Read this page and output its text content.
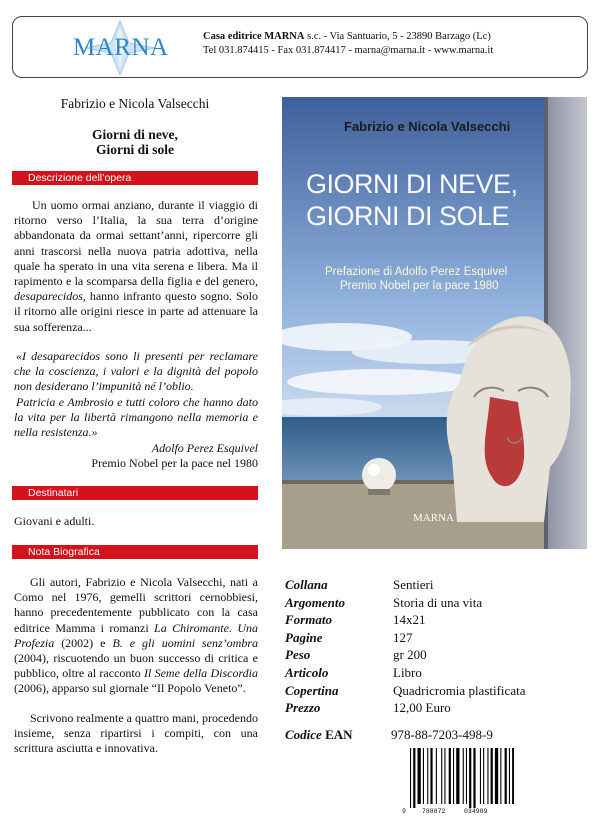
MARNA	Casa editrice MARNA s.c. - Via Santuario, 5 - 23890 Barzago (Lc)
Tel 031.874415 - Fax 031.874417 - marna@marna.it - www.marna.it
Fabrizio e Nicola Valsecchi
Giorni di neve,
Giorni di sole
Descrizione dell’opera
Un uomo ormai anziano, durante il viaggio di ritorno verso l’Italia, la sua terra d’origine abbandonata da ormai settant’anni, ripercorre gli anni trascorsi nella nuova patria adottiva, nella quale ha sperato in una vita serena e libera. Ma il rapimento e la scomparsa della figlia e del genero, desaparecidos, hanno infranto questo sogno. Solo il ritorno alle origini riesce in parte ad attenuare la sua sofferenza...
«I desaparecidos sono li presenti per reclamare che la coscienza, i valori e la dignità del popolo non desiderano l’impunità né l’oblio.
Patricia e Ambrosio e tutti coloro che hanno dato la vita per la libertà rimangono nella memoria e nella resistenza.»
Adolfo Perez Esquivel
Premio Nobel per la pace nel 1980
Destinatari
Giovani e adulti.
Nota Biografica
Gli autori, Fabrizio e Nicola Valsecchi, nati a Como nel 1976, gemelli scrittori cernobbiesi, hanno precedentemente pubblicato con la casa editrice Mamma i romanzi La Chiromante. Una Profezia (2002) e B. e gli uomini senz’ombra (2004), riscuotendo un buon successo di critica e pubblico, oltre al racconto Il Seme della Discordia (2006), apparso sul giornale “Il Popolo Veneto”.
Scrivono realmente a quattro mani, procedendo insieme, senza ripartirsi i compiti, con una scrittura asciutta e innovativa.
Fabrizio e Nicola Valsecchi
GIORNI DI NEVE,
GIORNI DI SOLE
Prefazione di Adolfo Perez Esquivel
Premio Nobel per la pace 1980
MARNA
Collana	Sentieri
Argomento	Storia di una vita
Formato	14x21
Pagine	127
Peso	gr 200
Articolo	Libro
Copertina	Quadricromia plastificata
Prezzo	12,00 Euro
Codice EAN	978-88-7203-498-9
9 788872	034989
